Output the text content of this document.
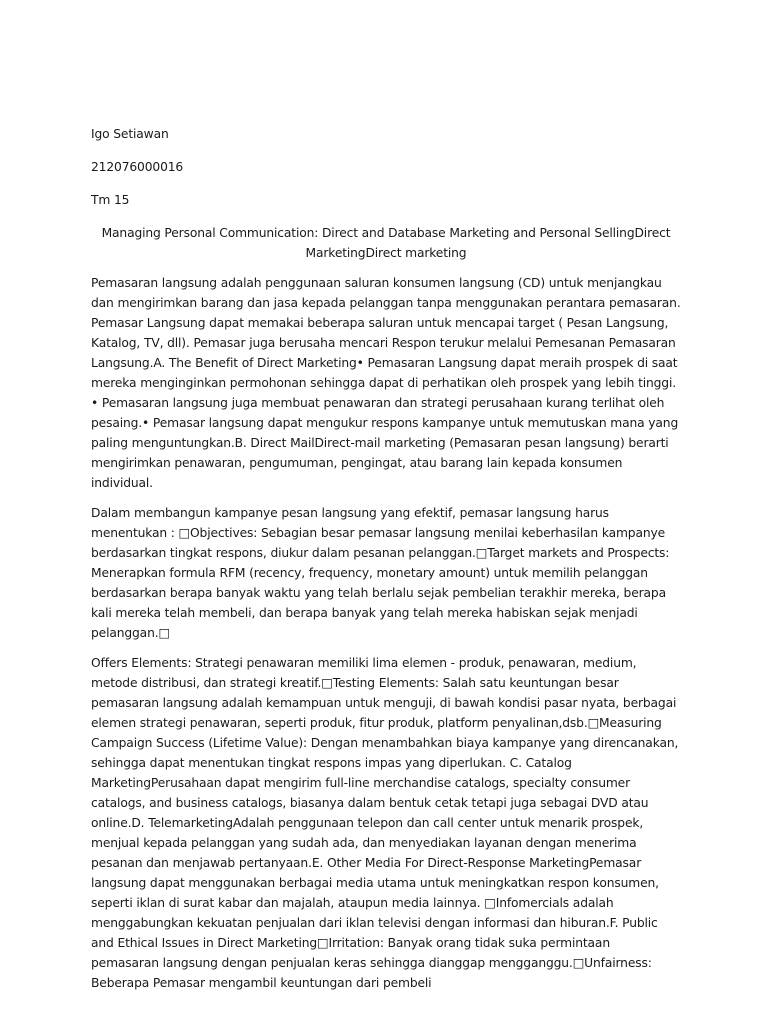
Igo Setiawan
212076000016
Tm 15
Managing Personal Communication: Direct and Database Marketing and Personal SellingDirect MarketingDirect marketing
Pemasaran langsung adalah penggunaan saluran konsumen langsung (CD) untuk menjangkau dan mengirimkan barang dan jasa kepada pelanggan tanpa menggunakan perantara pemasaran. Pemasar Langsung dapat memakai beberapa saluran untuk mencapai target ( Pesan Langsung, Katalog, TV, dll). Pemasar juga berusaha mencari Respon terukur melalui Pemesanan Pemasaran Langsung.A. The Benefit of Direct Marketing• Pemasaran Langsung dapat meraih prospek di saat mereka menginginkan permohonan sehingga dapat di perhatikan oleh prospek yang lebih tinggi. • Pemasaran langsung juga membuat penawaran dan strategi perusahaan kurang terlihat oleh pesaing.• Pemasar langsung dapat mengukur respons kampanye untuk memutuskan mana yang paling menguntungkan.B. Direct MailDirect-mail marketing (Pemasaran pesan langsung) berarti mengirimkan penawaran, pengumuman, pengingat, atau barang lain kepada konsumen individual.
Dalam membangun kampanye pesan langsung yang efektif, pemasar langsung harus menentukan : □Objectives: Sebagian besar pemasar langsung menilai keberhasilan kampanye berdasarkan tingkat respons, diukur dalam pesanan pelanggan.□Target markets and Prospects: Menerapkan formula RFM (recency, frequency, monetary amount) untuk memilih pelanggan berdasarkan berapa banyak waktu yang telah berlalu sejak pembelian terakhir mereka, berapa kali mereka telah membeli, dan berapa banyak yang telah mereka habiskan sejak menjadi pelanggan.□
Offers Elements: Strategi penawaran memiliki lima elemen - produk, penawaran, medium, metode distribusi, dan strategi kreatif.□Testing Elements: Salah satu keuntungan besar pemasaran langsung adalah kemampuan untuk menguji, di bawah kondisi pasar nyata, berbagai elemen strategi penawaran, seperti produk, fitur produk, platform penyalinan,dsb.□Measuring Campaign Success (Lifetime Value): Dengan menambahkan biaya kampanye yang direncanakan, sehingga dapat menentukan tingkat respons impas yang diperlukan. C. Catalog MarketingPerusahaan dapat mengirim full-line merchandise catalogs, specialty consumer catalogs, and business catalogs, biasanya dalam bentuk cetak tetapi juga sebagai DVD atau online.D. TelemarketingAdalah penggunaan telepon dan call center untuk menarik prospek, menjual kepada pelanggan yang sudah ada, dan menyediakan layanan dengan menerima pesanan dan menjawab pertanyaan.E. Other Media For Direct-Response MarketingPemasar langsung dapat menggunakan berbagai media utama untuk meningkatkan respon konsumen, seperti iklan di surat kabar dan majalah, ataupun media lainnya. □Infomercials adalah menggabungkan kekuatan penjualan dari iklan televisi dengan informasi dan hiburan.F. Public and Ethical Issues in Direct Marketing□Irritation: Banyak orang tidak suka permintaan pemasaran langsung dengan penjualan keras sehingga dianggap mengganggu.□Unfairness: Beberapa Pemasar mengambil keuntungan dari pembeli
